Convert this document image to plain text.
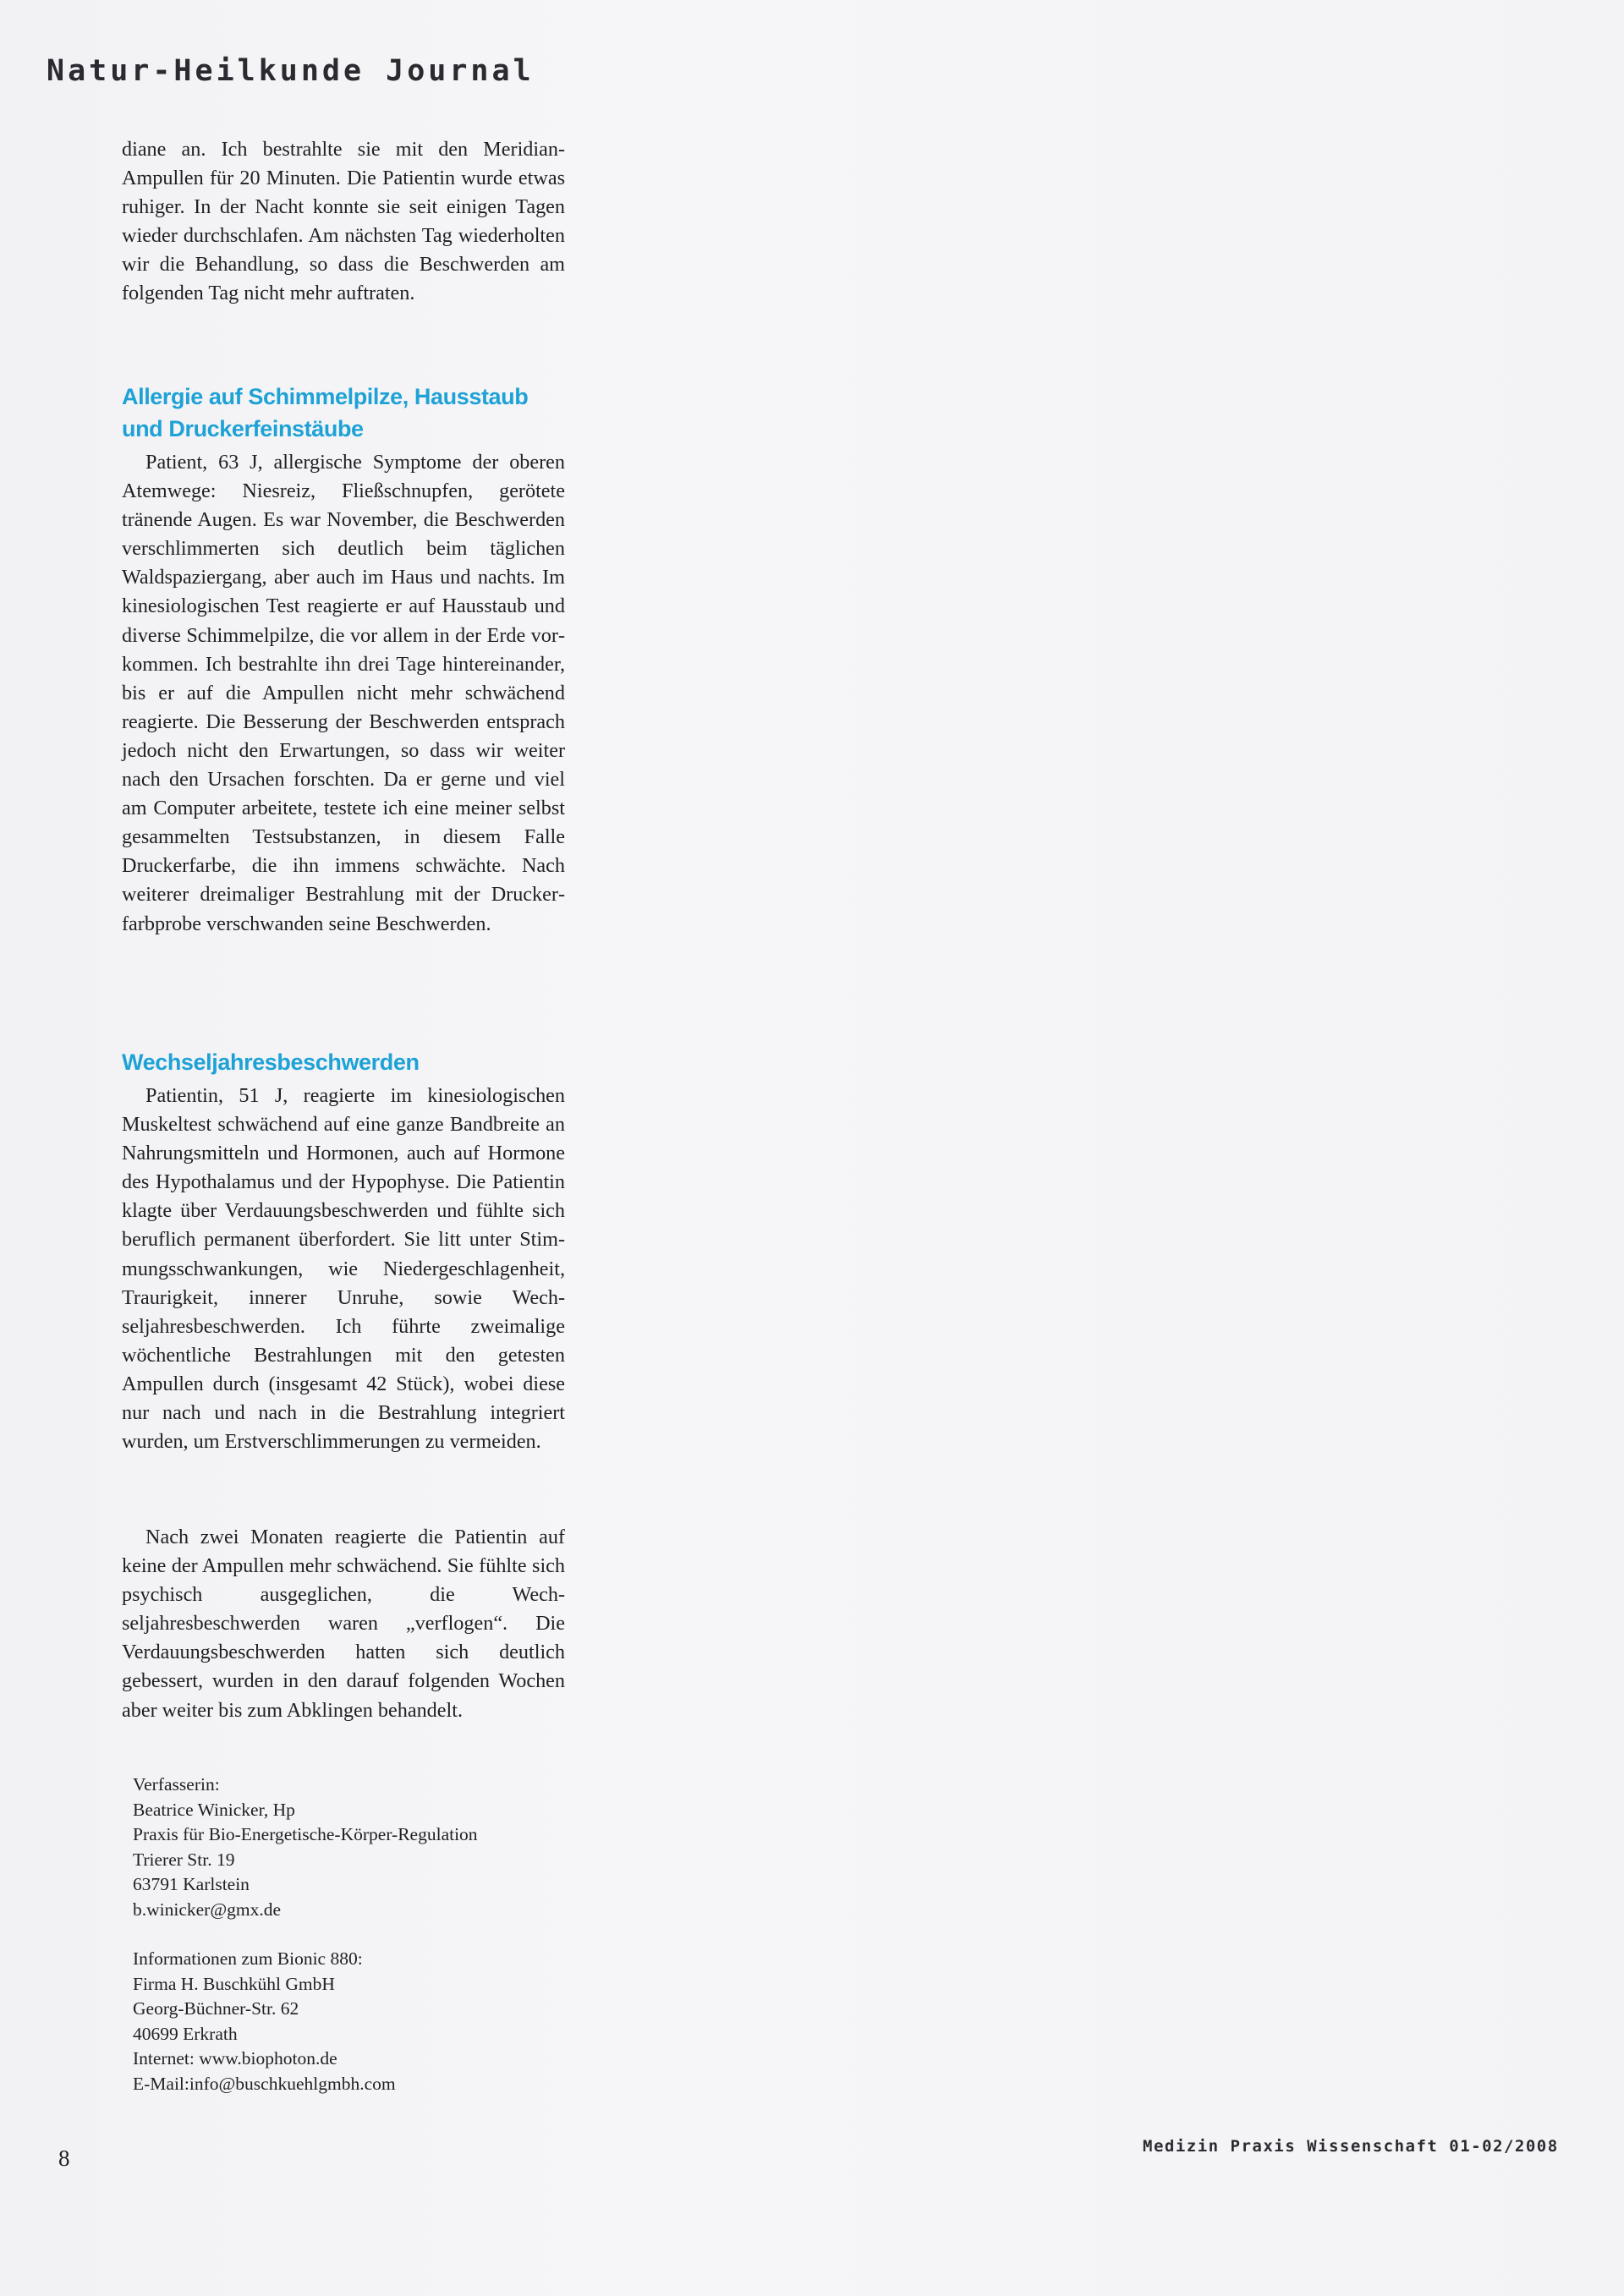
Natur-Heilkunde Journal

diane an. Ich bestrahlte sie mit den Meridian-Ampullen für 20 Minuten. Die Patientin wurde etwas ruhiger. In der Nacht konnte sie seit einigen Tagen wieder durchschlafen. Am nächsten Tag wiederholten wir die Behandlung, so dass die Beschwerden am folgenden Tag nicht mehr auftraten.

Allergie auf Schimmelpilze, Hausstaub
und Druckerfeinstäube

Patient, 63 J, allergische Symptome der oberen Atemwege: Niesreiz, Fließschnupfen, gerötete tränende Augen. Es war November, die Beschwerden verschlimmerten sich deutlich beim täglichen Waldspaziergang, aber auch im Haus und nachts. Im kinesiologischen Test reagierte er auf Hausstaub und diverse Schimmelpilze, die vor allem in der Erde vorkommen. Ich bestrahlte ihn drei Tage hintereinander, bis er auf die Ampullen nicht mehr schwächend reagierte. Die Besserung der Beschwerden entsprach jedoch nicht den Erwartungen, so dass wir weiter nach den Ursachen forschten. Da er gerne und viel am Computer arbeitete, testete ich eine meiner selbst gesammelten Testsubstanzen, in diesem Falle Druckerfarbe, die ihn immens schwächte. Nach weiterer dreimaliger Bestrahlung mit der Druckerfarbprobe verschwanden seine Beschwerden.

Wechseljahresbeschwerden

Patientin, 51 J, reagierte im kinesiologischen Muskeltest schwächend auf eine ganze Bandbreite an Nahrungsmitteln und Hormonen, auch auf Hormone des Hypothalamus und der Hypophyse. Die Patientin klagte über Verdauungsbeschwerden und fühlte sich beruflich permanent überfordert. Sie litt unter Stimmungsschwankungen, wie Niedergeschlagenheit, Traurigkeit, innerer Unruhe, sowie Wechseljahresbeschwerden. Ich führte zweimalige wöchentliche Bestrahlungen mit den getesten Ampullen durch (insgesamt 42 Stück), wobei diese nur nach und nach in die Bestrahlung integriert wurden, um Erstverschlimmerungen zu vermeiden.

Nach zwei Monaten reagierte die Patientin auf keine der Ampullen mehr schwächend. Sie fühlte sich psychisch ausgeglichen, die Wechseljahresbeschwerden waren „verflogen“. Die Verdauungsbeschwerden hatten sich deutlich gebessert, wurden in den darauf folgenden Wochen aber weiter bis zum Abklingen behandelt.

Verfasserin:
Beatrice Winicker, Hp
Praxis für Bio-Energetische-Körper-Regulation
Trierer Str. 19
63791 Karlstein
b.winicker@gmx.de
Informationen zum Bionic 880:
Firma H. Buschkühl GmbH
Georg-Büchner-Str. 62
40699 Erkrath
Internet: www.biophoton.de
E-Mail:info@buschkuehlgmbh.com
8	Medizin Praxis Wissenschaft 01-02/2008
